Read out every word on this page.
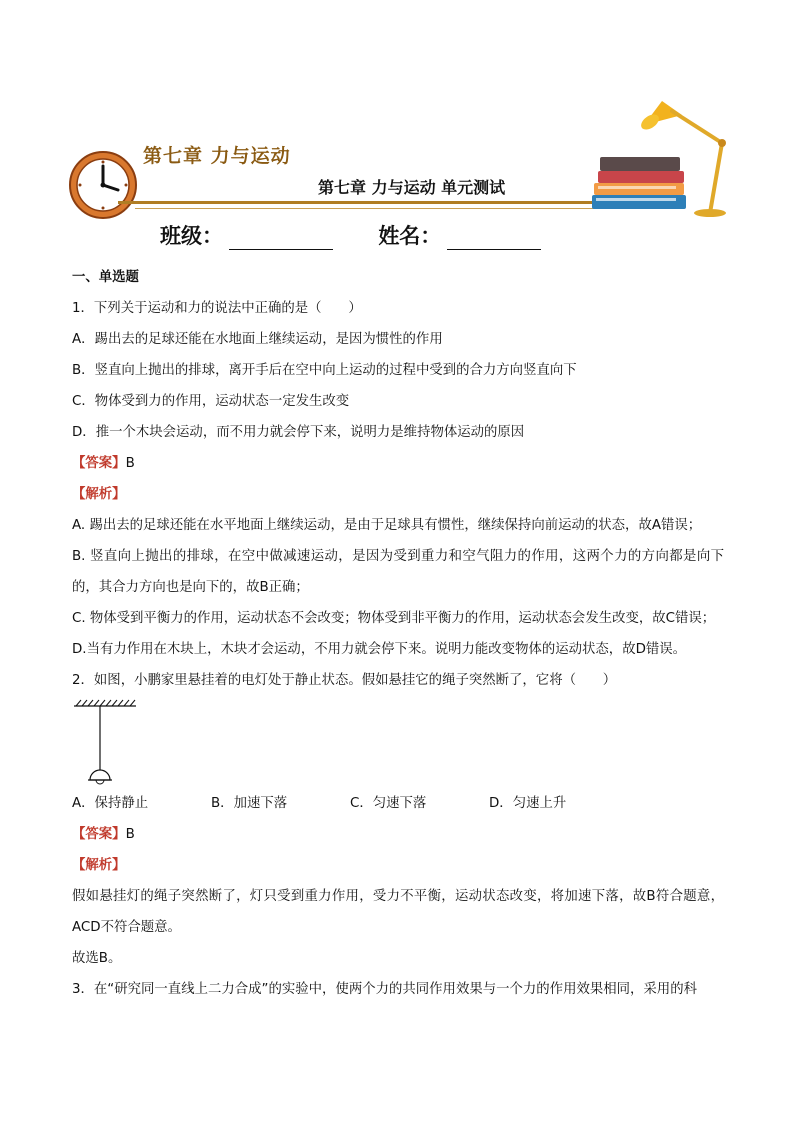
第七章 力与运动
第七章 力与运动 单元测试
班级：	姓名：

一、单选题

1．下列关于运动和力的说法中正确的是（　　）

A．踢出去的足球还能在水地面上继续运动，是因为惯性的作用

B．竖直向上抛出的排球，离开手后在空中向上运动的过程中受到的合力方向竖直向下

C．物体受到力的作用，运动状态一定发生改变

D．推一个木块会运动，而不用力就会停下来，说明力是维持物体运动的原因

【答案】B

【解析】

A. 踢出去的足球还能在水平地面上继续运动，是由于足球具有惯性，继续保持向前运动的状态，故A错误；

B. 竖直向上抛出的排球，在空中做减速运动，是因为受到重力和空气阻力的作用，这两个力的方向都是向下的，其合力方向也是向下的，故B正确；

C. 物体受到平衡力的作用，运动状态不会改变；物体受到非平衡力的作用，运动状态会发生改变，故C错误；

D.当有力作用在木块上，木块才会运动，不用力就会停下来。说明力能改变物体的运动状态，故D错误。

2．如图，小鹏家里悬挂着的电灯处于静止状态。假如悬挂它的绳子突然断了，它将（　　）

A．保持静止	B．加速下落	C．匀速下落	D．匀速上升

【答案】B

【解析】

假如悬挂灯的绳子突然断了，灯只受到重力作用，受力不平衡，运动状态改变，将加速下落，故B符合题意，ACD不符合题意。

故选B。

3．在“研究同一直线上二力合成”的实验中，使两个力的共同作用效果与一个力的作用效果相同，采用的科
